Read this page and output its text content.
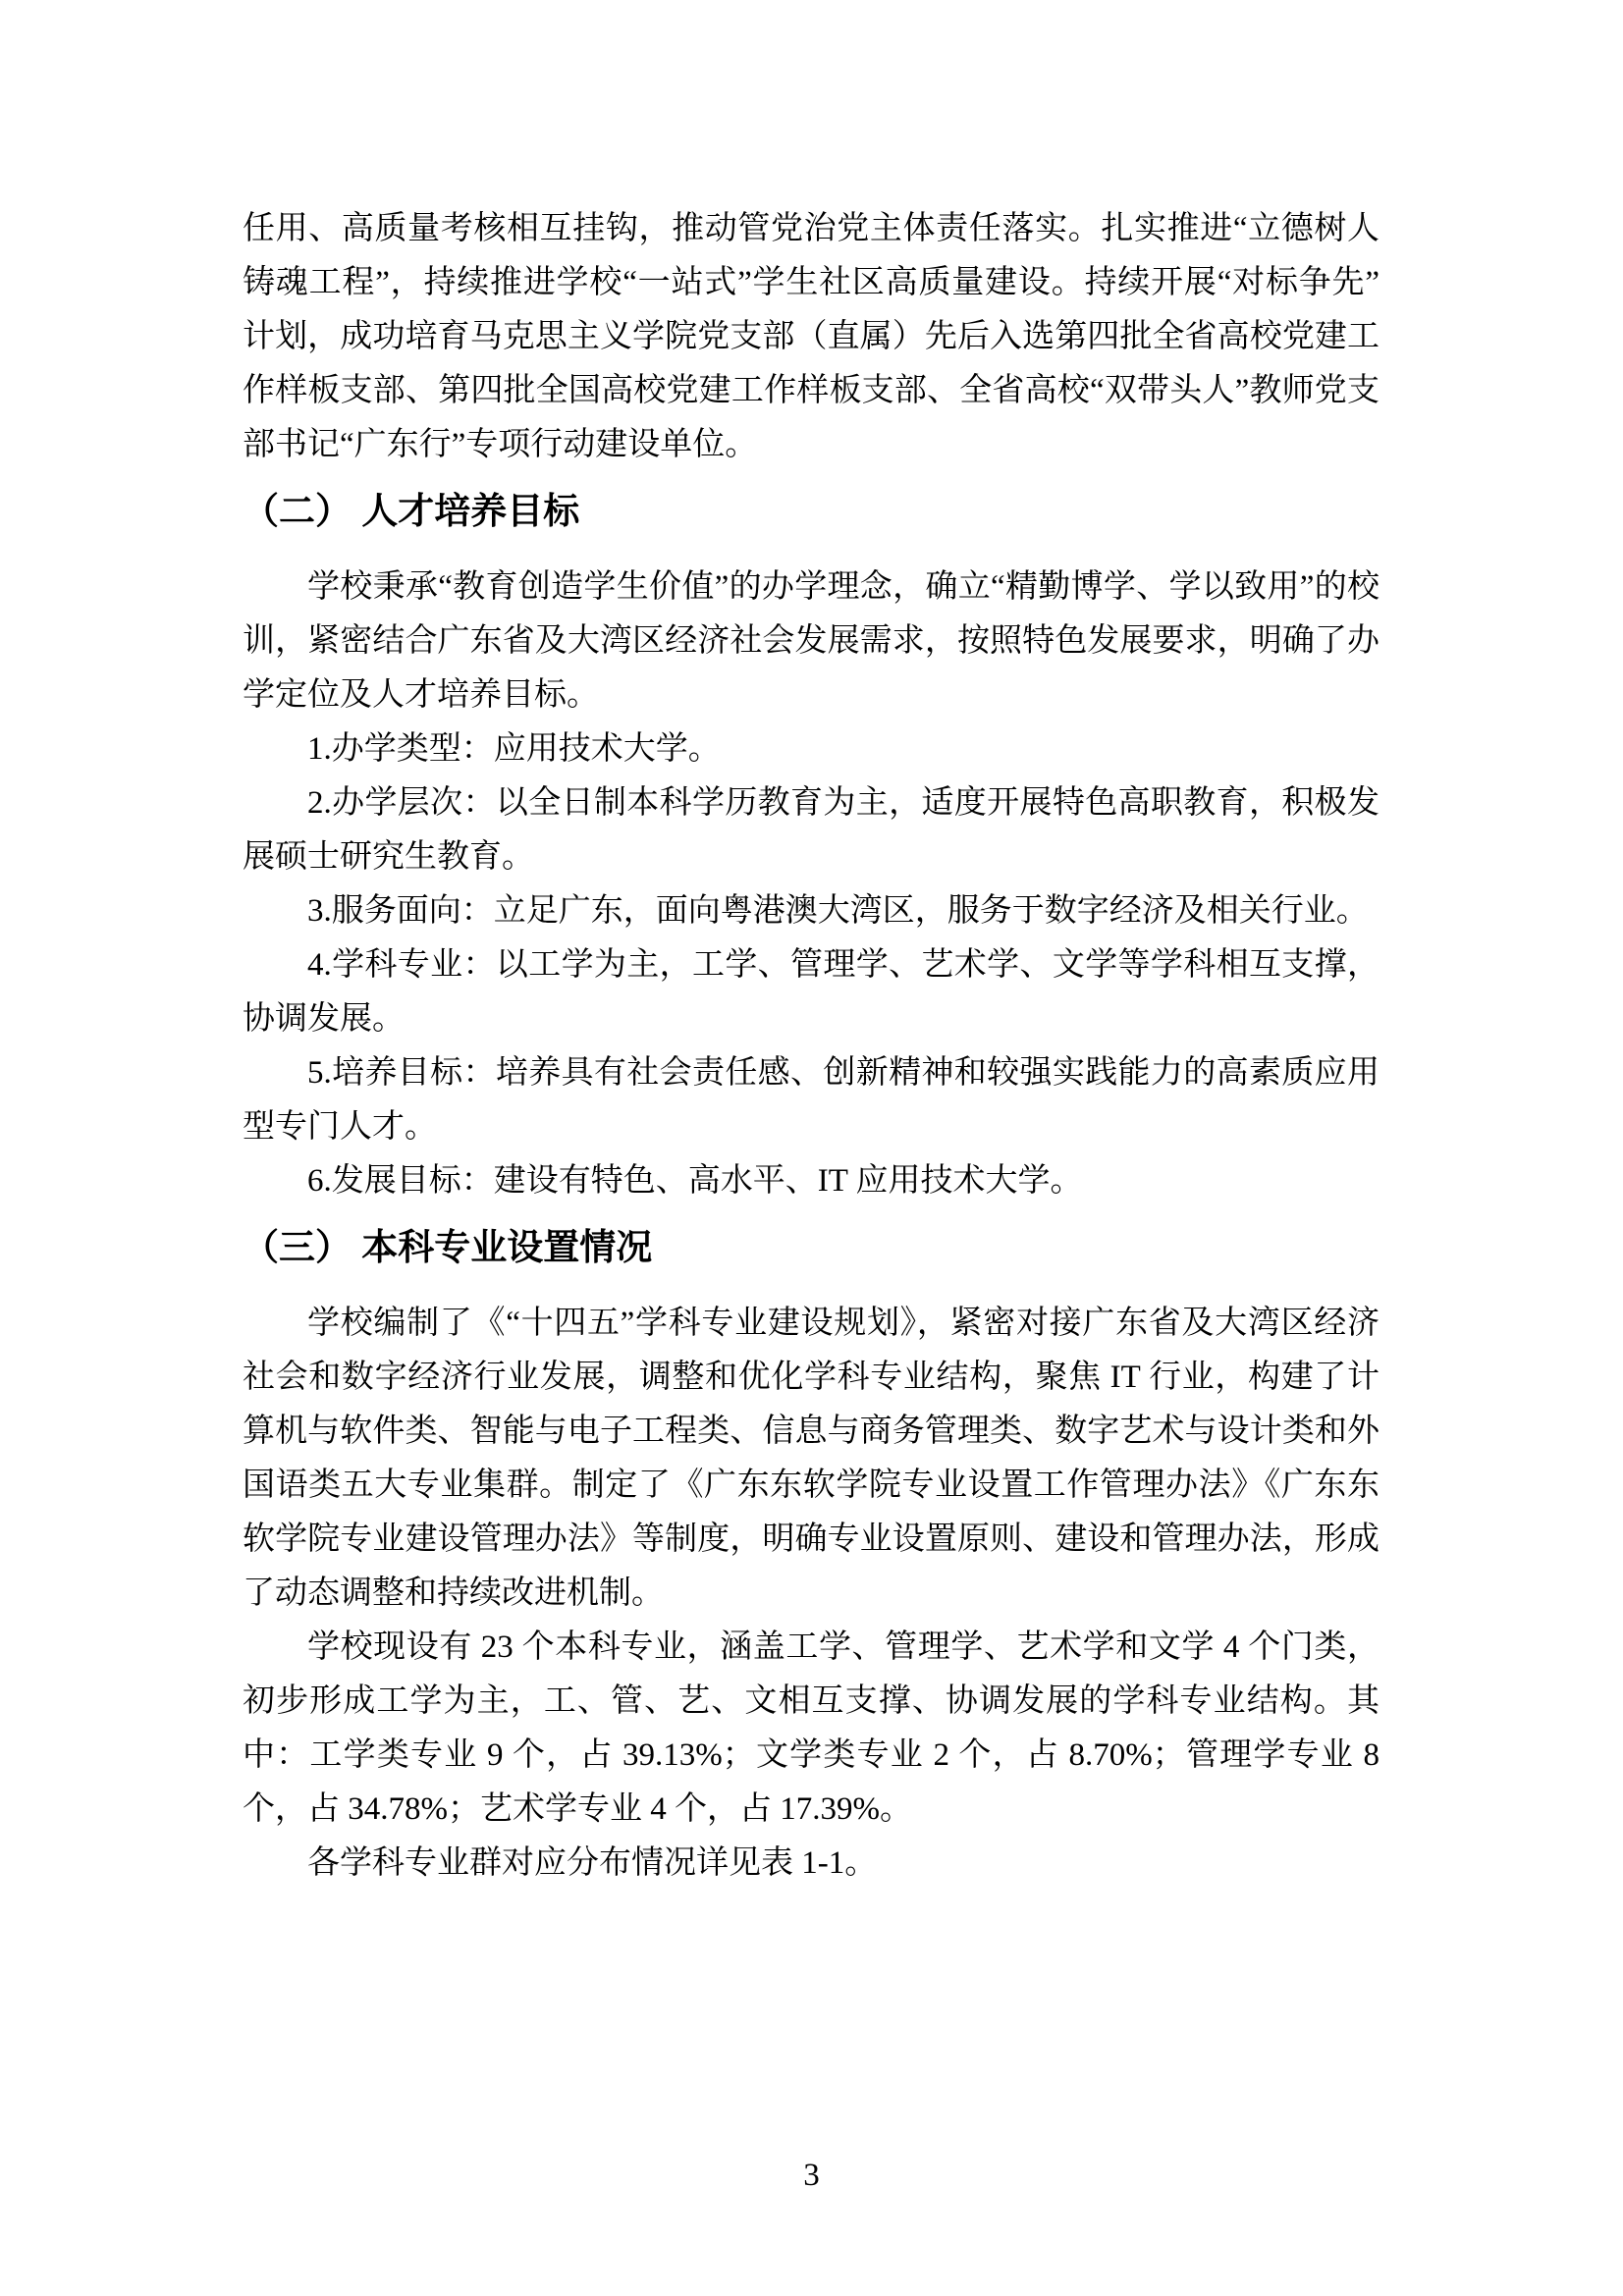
任用、高质量考核相互挂钩，推动管党治党主体责任落实。扎实推进“立德树人铸魂工程”，持续推进学校“一站式”学生社区高质量建设。持续开展“对标争先”计划，成功培育马克思主义学院党支部（直属）先后入选第四批全省高校党建工作样板支部、第四批全国高校党建工作样板支部、全省高校“双带头人”教师党支部书记“广东行”专项行动建设单位。

（二） 人才培养目标

学校秉承“教育创造学生价值”的办学理念，确立“精勤博学、学以致用”的校训，紧密结合广东省及大湾区经济社会发展需求，按照特色发展要求，明确了办学定位及人才培养目标。

1.办学类型：应用技术大学。

2.办学层次：以全日制本科学历教育为主，适度开展特色高职教育，积极发展硕士研究生教育。

3.服务面向：立足广东，面向粤港澳大湾区，服务于数字经济及相关行业。

4.学科专业：以工学为主，工学、管理学、艺术学、文学等学科相互支撑，协调发展。

5.培养目标：培养具有社会责任感、创新精神和较强实践能力的高素质应用型专门人才。

6.发展目标：建设有特色、高水平、IT 应用技术大学。

（三） 本科专业设置情况

学校编制了《“十四五”学科专业建设规划》，紧密对接广东省及大湾区经济社会和数字经济行业发展，调整和优化学科专业结构，聚焦 IT 行业，构建了计算机与软件类、智能与电子工程类、信息与商务管理类、数字艺术与设计类和外国语类五大专业集群。制定了《广东东软学院专业设置工作管理办法》《广东东软学院专业建设管理办法》等制度，明确专业设置原则、建设和管理办法，形成了动态调整和持续改进机制。

学校现设有 23 个本科专业，涵盖工学、管理学、艺术学和文学 4 个门类，初步形成工学为主，工、管、艺、文相互支撑、协调发展的学科专业结构。其中：工学类专业 9 个，占 39.13%；文学类专业 2 个，占 8.70%；管理学专业 8 个，占 34.78%；艺术学专业 4 个，占 17.39%。

各学科专业群对应分布情况详见表 1-1。

3
